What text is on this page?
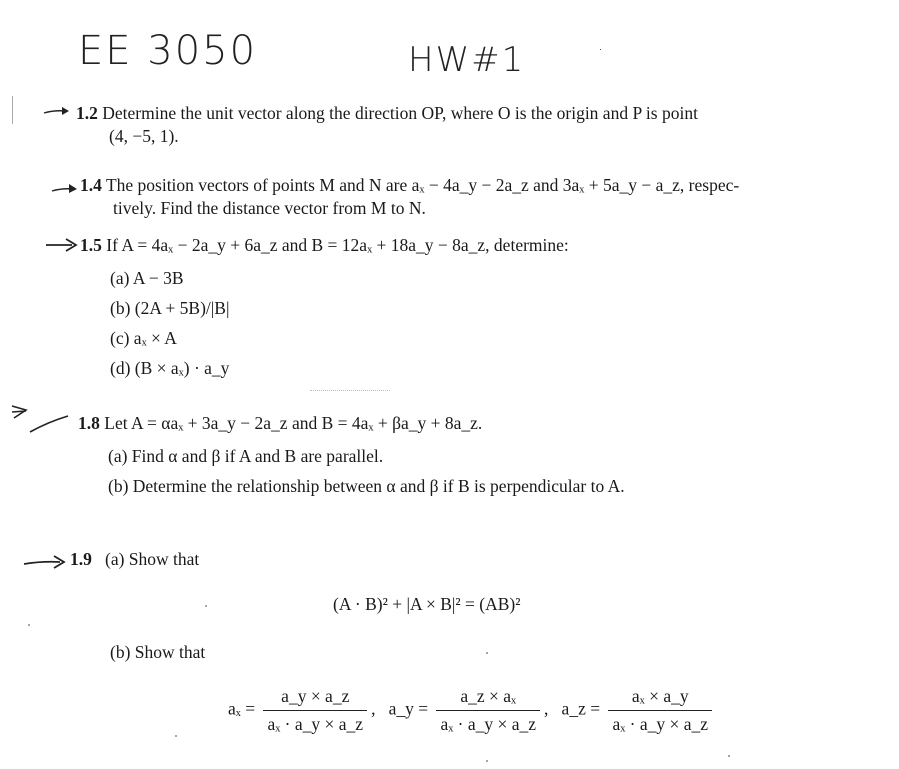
EE 3050	HW#1	·
1.2 Determine the unit vector along the direction OP, where O is the origin and P is point
(4, −5, 1).
1.4 The position vectors of points M and N are aₓ − 4a_y − 2a_z and 3aₓ + 5a_y − a_z, respec-
tively. Find the distance vector from M to N.
1.5 If A = 4aₓ − 2a_y + 6a_z and B = 12aₓ + 18a_y − 8a_z, determine:
(a) A − 3B
(b) (2A + 5B)/|B|
(c) aₓ × A
(d) (B × aₓ) · a_y
1.8 Let A = αaₓ + 3a_y − 2a_z and B = 4aₓ + βa_y + 8a_z.
(a) Find α and β if A and B are parallel.
(b) Determine the relationship between α and β if B is perpendicular to A.
1.9 (a) Show that
(A · B)² + |A × B|² = (AB)²
(b) Show that
$a_x = \frac{a\_y \times a\_z}{\text{aₓ · a\_y × a\_z}}$ ,   a_y = $\frac{\text{a\_z × aₓ}}{\text{aₓ · a\_y × a\_z}}$ ,   a_z = $\frac{\text{aₓ × a\_y}}{\text{aₓ · a\_y × a\_z}}$
